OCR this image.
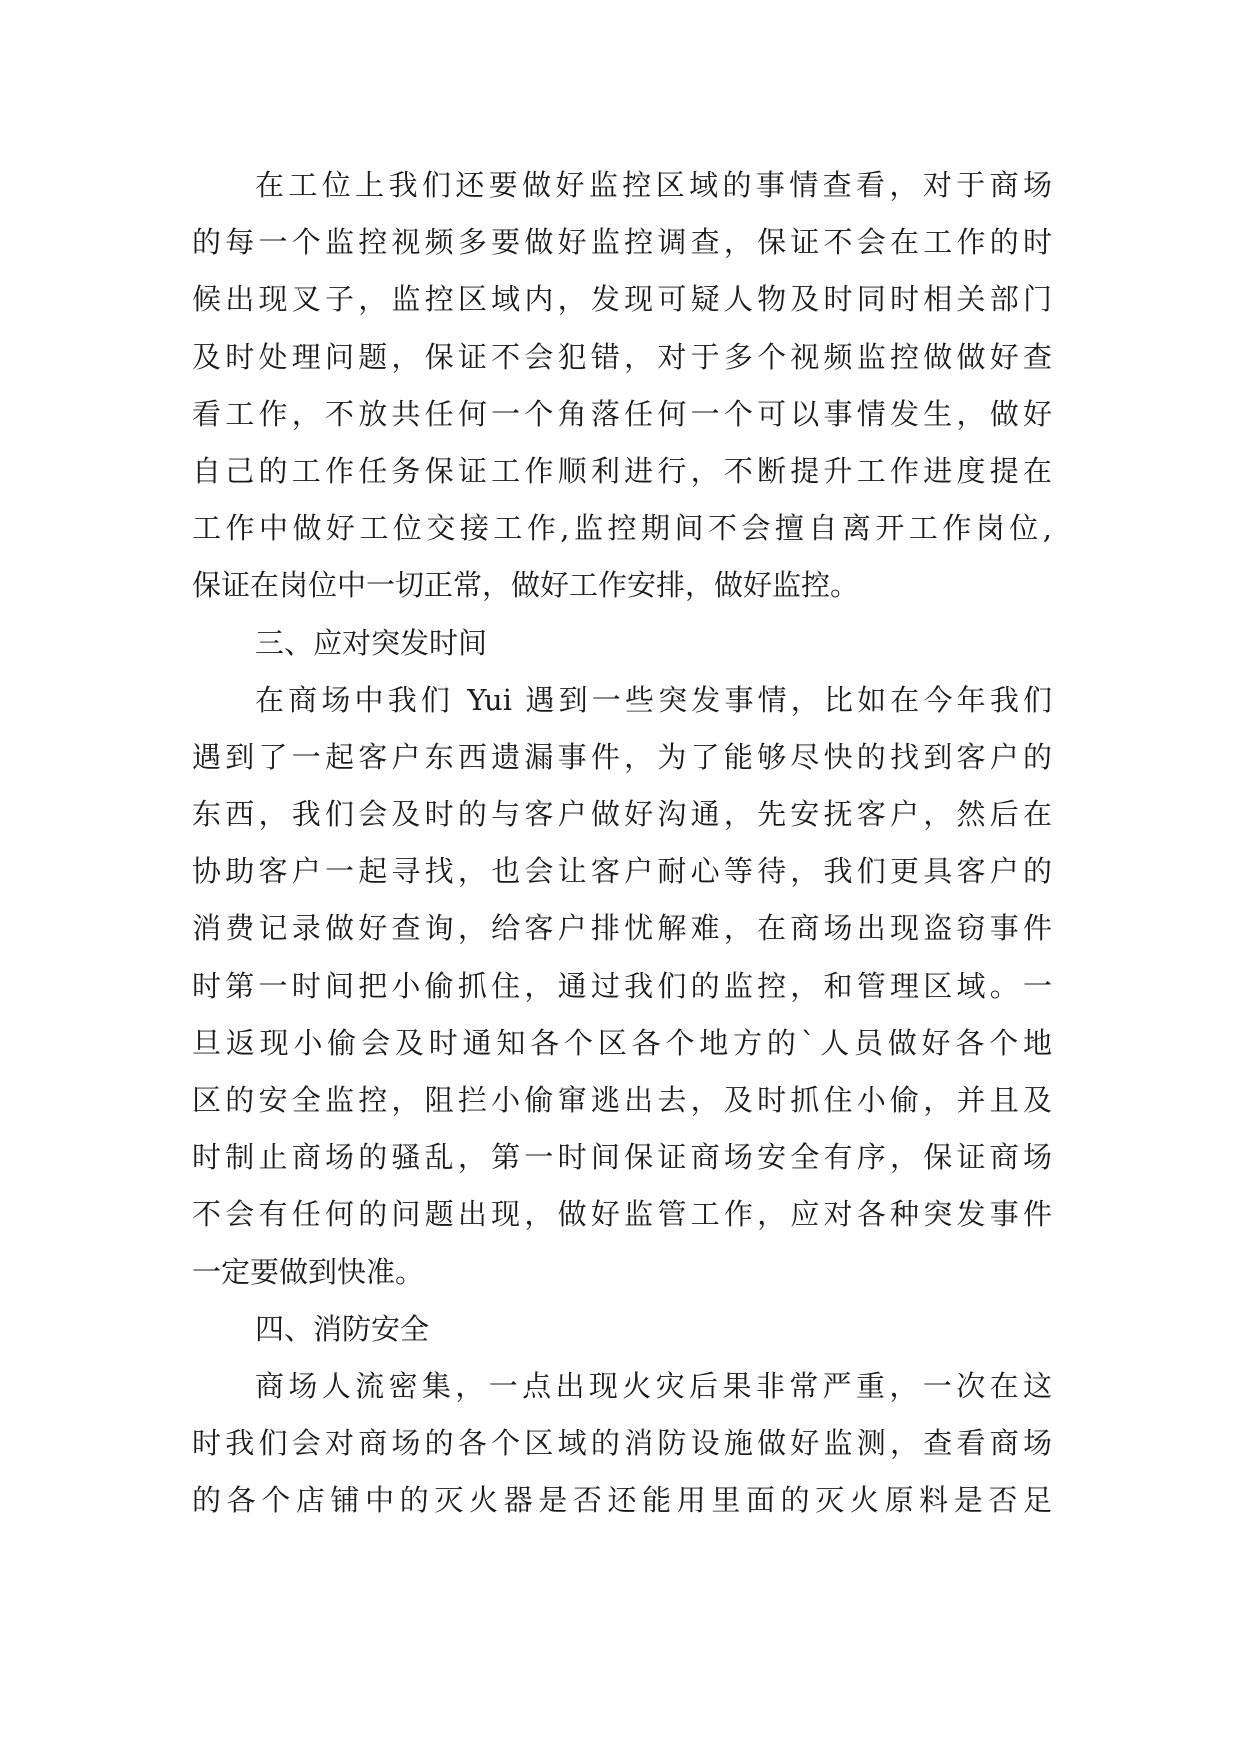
在工位上我们还要做好监控区域的事情查看，对于商场
的每一个监控视频多要做好监控调查，保证不会在工作的时
候出现叉子，监控区域内，发现可疑人物及时同时相关部门
及时处理问题，保证不会犯错，对于多个视频监控做做好查
看工作，不放共任何一个角落任何一个可以事情发生，做好
自己的工作任务保证工作顺利进行，不断提升工作进度提在
工作中做好工位交接工作,监控期间不会擅自离开工作岗位,
保证在岗位中一切正常，做好工作安排，做好监控。
三、应对突发时间
在商场中我们 Yui 遇到一些突发事情，比如在今年我们
遇到了一起客户东西遗漏事件，为了能够尽快的找到客户的
东西，我们会及时的与客户做好沟通，先安抚客户，然后在
协助客户一起寻找，也会让客户耐心等待，我们更具客户的
消费记录做好查询，给客户排忧解难，在商场出现盗窃事件
时第一时间把小偷抓住，通过我们的监控，和管理区域。一
旦返现小偷会及时通知各个区各个地方的`人员做好各个地
区的安全监控，阻拦小偷窜逃出去，及时抓住小偷，并且及
时制止商场的骚乱，第一时间保证商场安全有序，保证商场
不会有任何的问题出现，做好监管工作，应对各种突发事件
一定要做到快准。
四、消防安全
商场人流密集，一点出现火灾后果非常严重，一次在这
时我们会对商场的各个区域的消防设施做好监测，查看商场
的各个店铺中的灭火器是否还能用里面的灭火原料是否足
